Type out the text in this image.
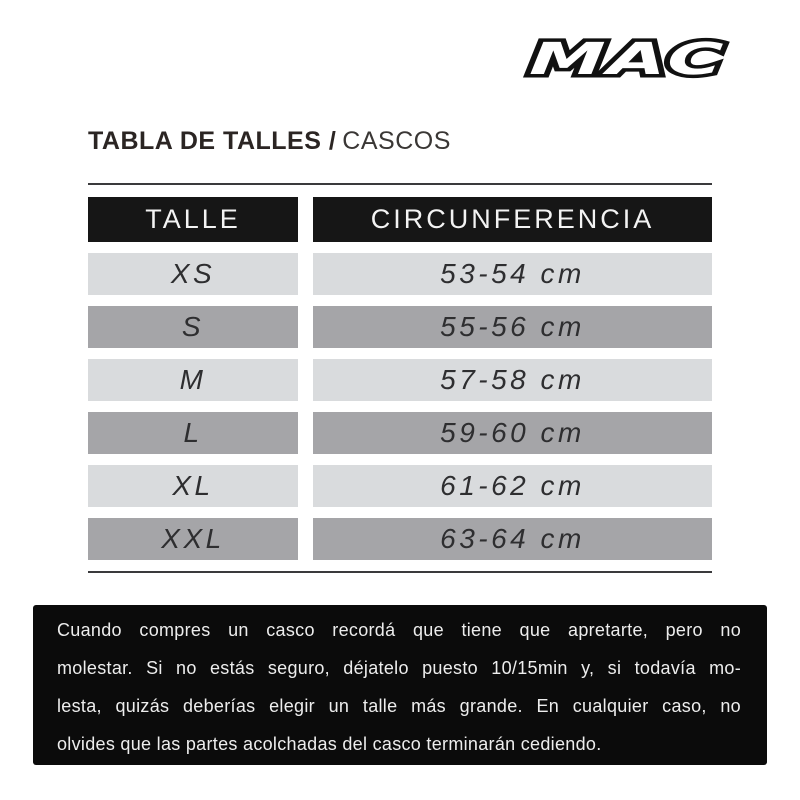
MAC
TABLA DE TALLES / CASCOS
TALLE	CIRCUNFERENCIA
XS	53-54 cm
S	55-56 cm
M	57-58 cm
L	59-60 cm
XL	61-62 cm
XXL	63-64 cm
Cuando compres un casco recordá que tiene que apretarte, pero no
molestar. Si no estás seguro, déjatelo puesto 10/15min y, si todavía mo-
lesta, quizás deberías elegir un talle más grande. En cualquier caso, no
olvides que las partes acolchadas del casco terminarán cediendo.
